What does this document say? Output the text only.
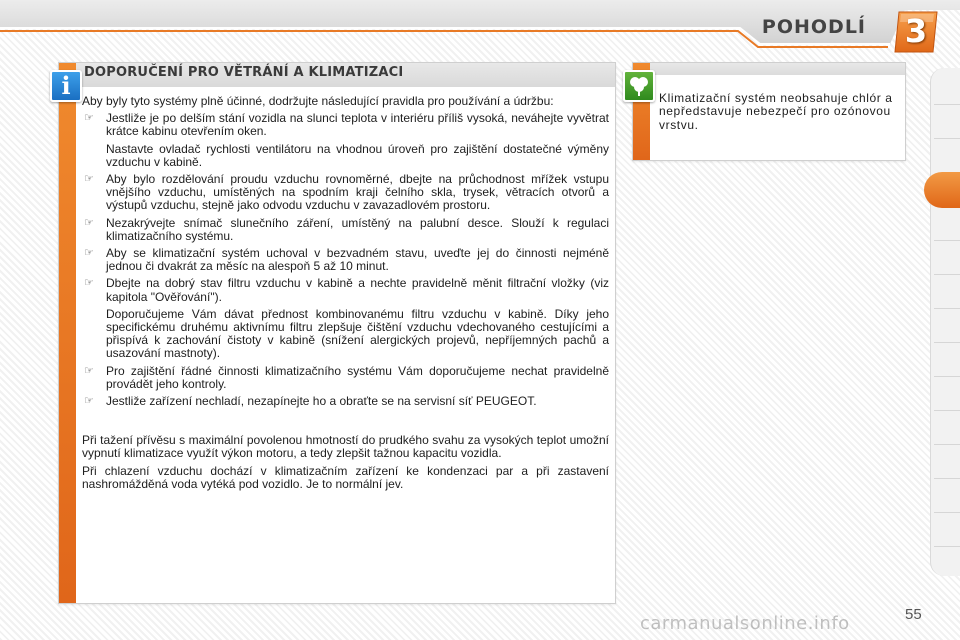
POHODLÍ	3
i	DOPORUČENÍ PRO VĚTRÁNÍ A KLIMATIZACI

Aby byly tyto systémy plně účinné, dodržujte následující pravidla pro používání a údržbu:

☞ Jestliže je po delším stání vozidla na slunci teplota v interiéru příliš vysoká, neváhejte vyvětrat krátce kabinu otevřením oken.
Nastavte ovladač rychlosti ventilátoru na vhodnou úroveň pro zajištění dostatečné výměny vzduchu v kabině.
☞ Aby bylo rozdělování proudu vzduchu rovnoměrné, dbejte na průchodnost mřížek vstupu vnějšího vzduchu, umístěných na spodním kraji čelního skla, trysek, větracích otvorů a výstupů vzduchu, stejně jako odvodu vzduchu v zavazadlovém prostoru.
☞ Nezakrývejte snímač slunečního záření, umístěný na palubní desce. Slouží k regulaci klimatizačního systému.
☞ Aby se klimatizační systém uchoval v bezvadném stavu, uveďte jej do činnosti nejméně jednou či dvakrát za měsíc na alespoň 5 až 10 minut.
☞ Dbejte na dobrý stav filtru vzduchu v kabině a nechte pravidelně měnit filtrační vložky (viz kapitola "Ověřování").
Doporučujeme Vám dávat přednost kombinovanému filtru vzduchu v kabině. Díky jeho specifickému druhému aktivnímu filtru zlepšuje čištění vzduchu vdechovaného cestujícími a přispívá k zachování čistoty v kabině (snížení alergických projevů, nepříjemných pachů a usazování mastnoty).
☞ Pro zajištění řádné činnosti klimatizačního systému Vám doporučujeme nechat pravidelně provádět jeho kontroly.
☞ Jestliže zařízení nechladí, nezapínejte ho a obraťte se na servisní síť PEUGEOT.

Při tažení přívěsu s maximální povolenou hmotností do prudkého svahu za vysokých teplot umožní vypnutí klimatizace využít výkon motoru, a tedy zlepšit tažnou kapacitu vozidla.

Při chlazení vzduchu dochází v klimatizačním zařízení ke kondenzaci par a při zastavení nashromážděná voda vytéká pod vozidlo. Je to normální jev.

Klimatizační systém neobsahuje chlór a nepředstavuje nebezpečí pro ozónovou vrstvu.
55
carmanualsonline.info
